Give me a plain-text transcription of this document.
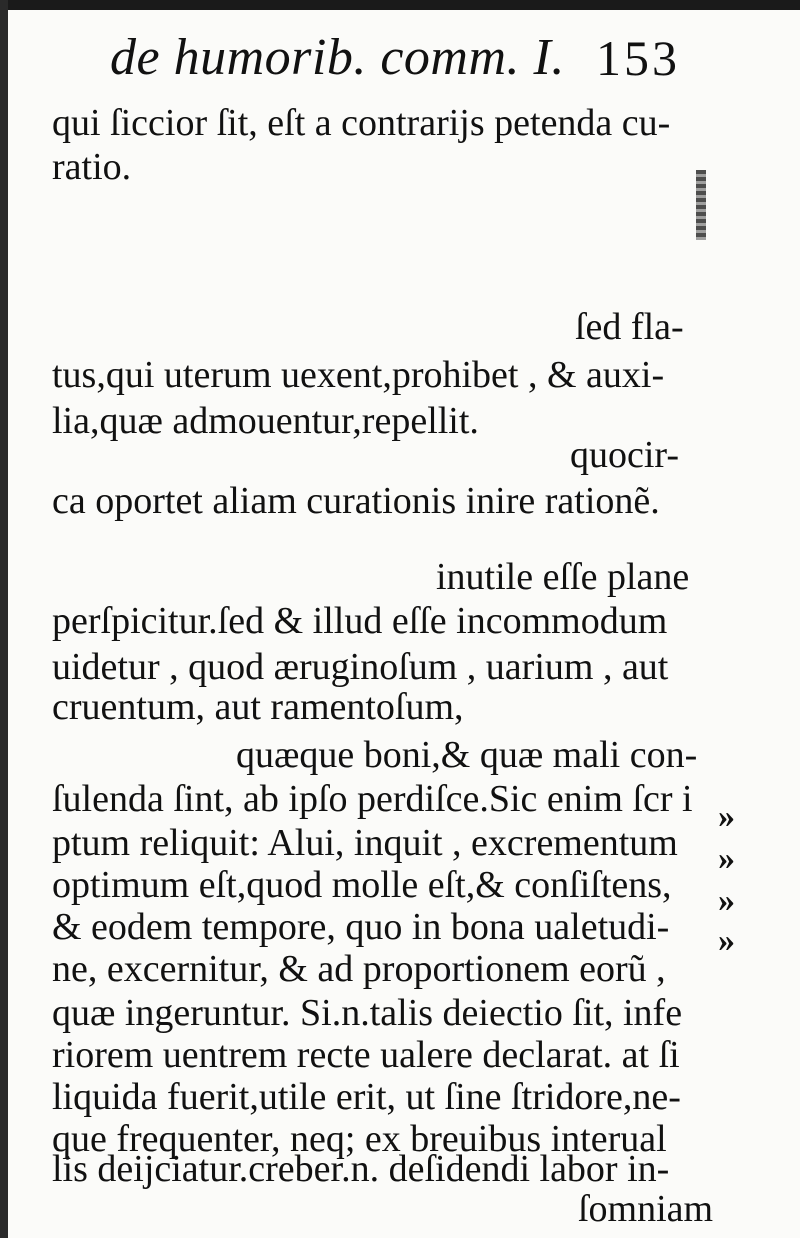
de humorib. comm. I. 153
qui ſiccior ſit, eſt a contrarijs petenda cu-
ratio.
ſed fla-
tus,qui uterum uexent,prohibet , & auxi-
lia,quæ admouentur,repellit.
quocir-
ca oportet aliam curationis inire rationẽ.
inutile eſſe plane
perſpicitur.ſed & illud eſſe incommodum
uidetur , quod æruginoſum , uarium , aut
cruentum, aut ramentoſum,
quæque boni,& quæ mali con-
ſulenda ſint, ab ipſo perdiſce.Sic enim ſcr i
ptum reliquit: Alui, inquit , excrementum
optimum eſt,quod molle eſt,& conſiſtens,
& eodem tempore, quo in bona ualetudi-
ne, excernitur, & ad proportionem eorũ ,
quæ ingeruntur. Si.n.talis deiectio ſit, infe
riorem uentrem recte ualere declarat. at ſi
liquida fuerit,utile erit, ut ſine ſtridore,ne-
que frequenter, neq; ex breuibus interual
lis deijciatur.creber.n. deſidendi labor in-
ſomniam
»
»
»
»
